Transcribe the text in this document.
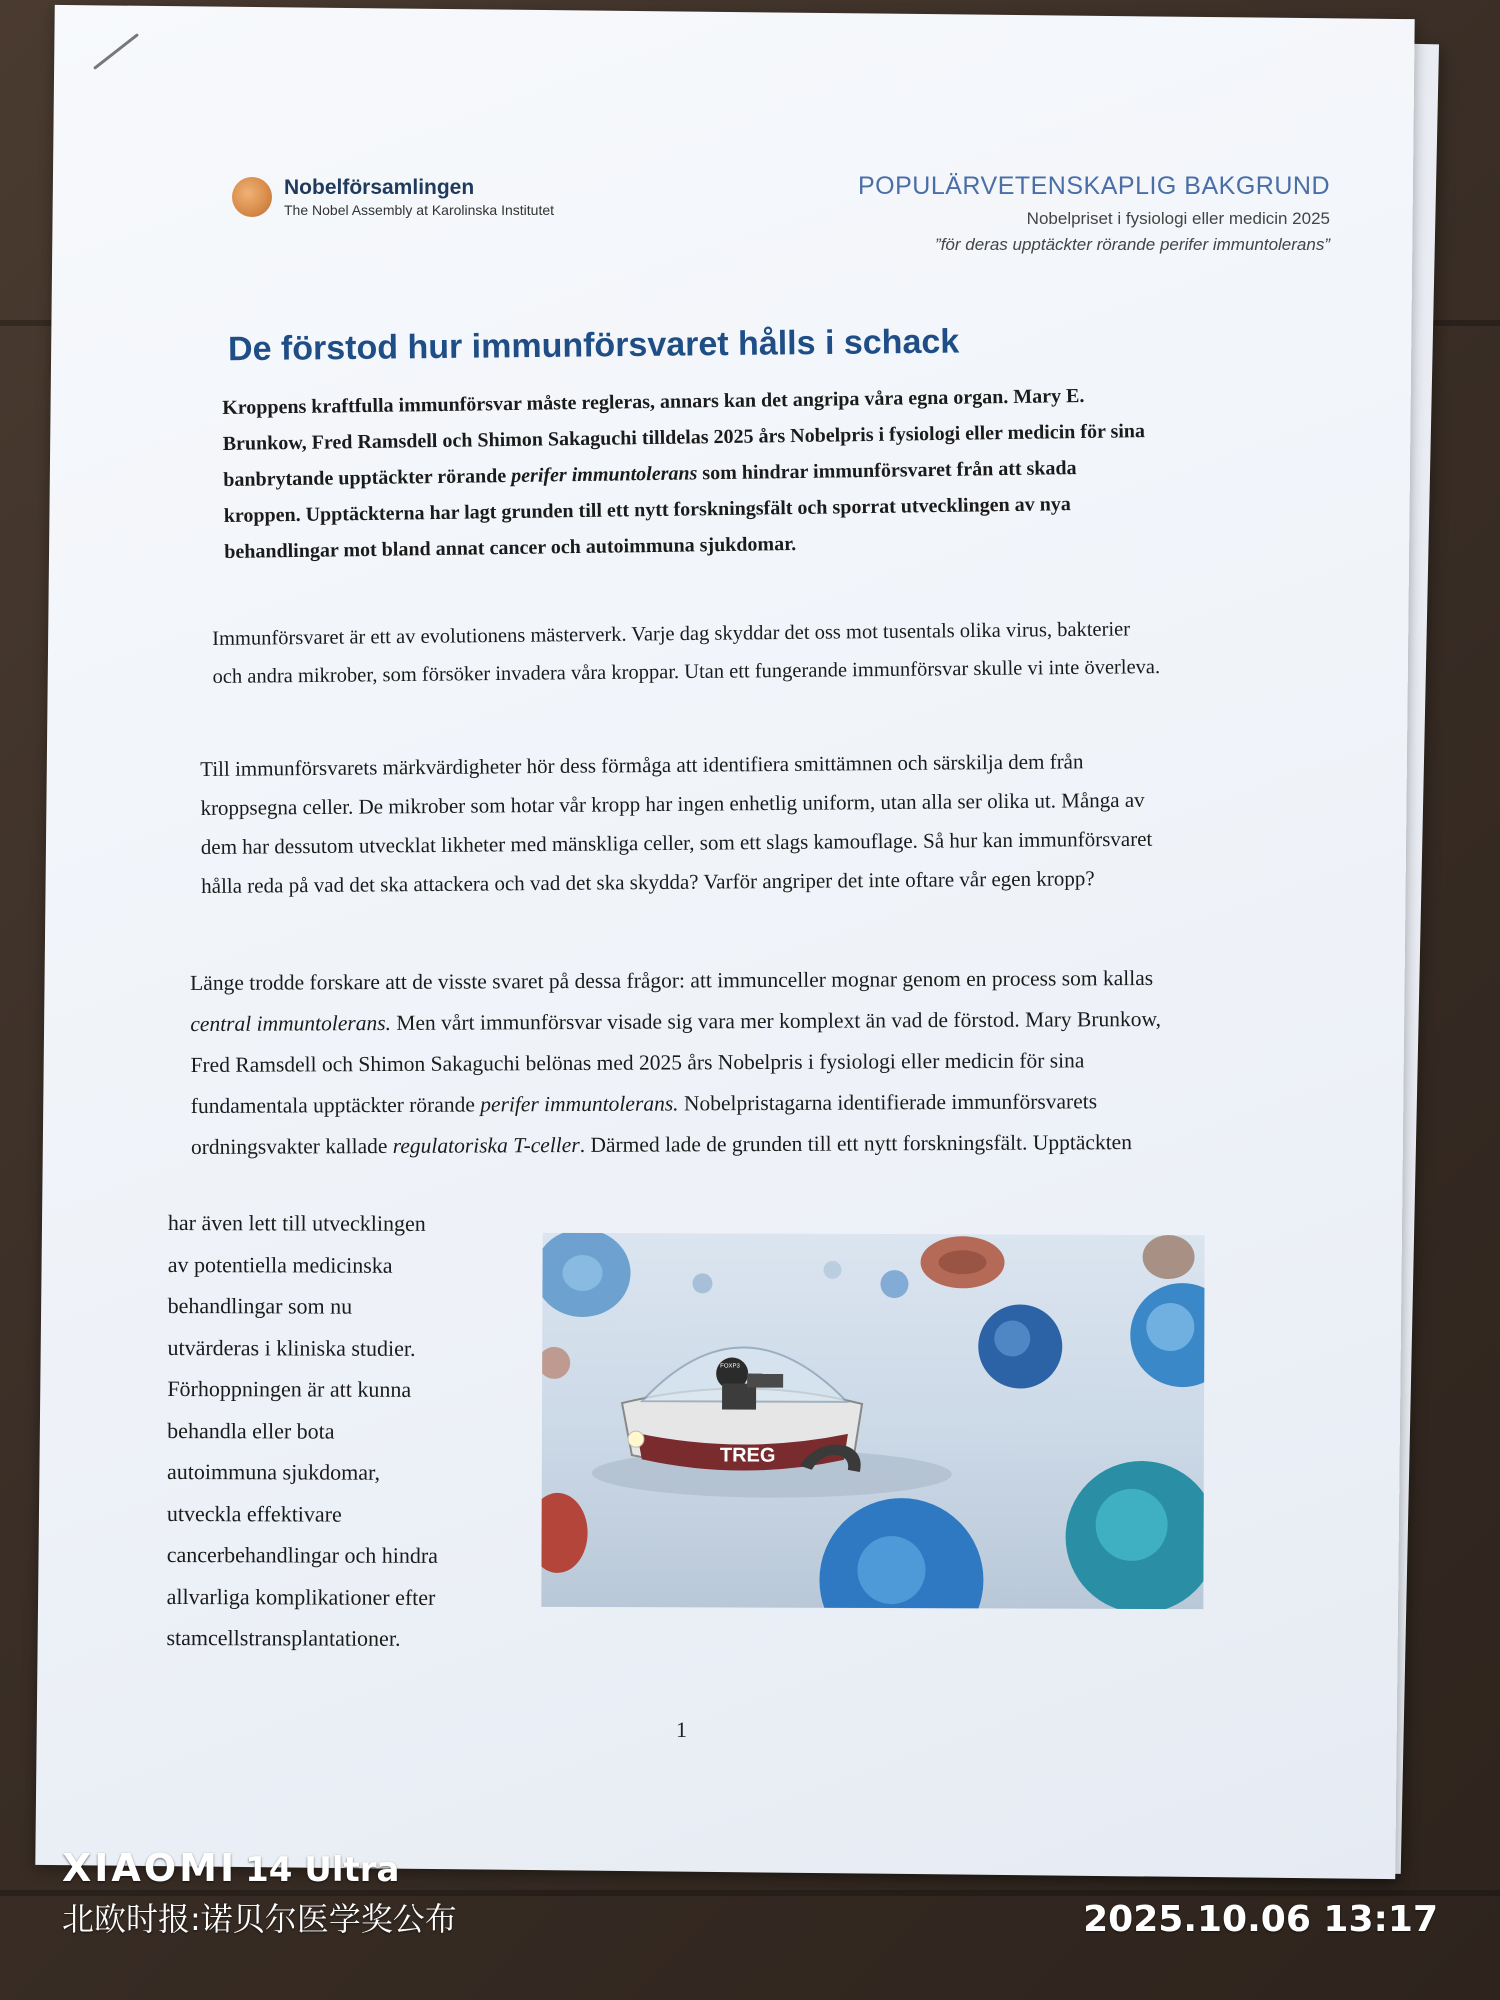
Nobelförsamlingen
The Nobel Assembly at Karolinska Institutet
POPULÄRVETENSKAPLIG BAKGRUND
Nobelpriset i fysiologi eller medicin 2025
”för deras upptäckter rörande perifer immuntolerans”
De förstod hur immunförsvaret hålls i schack
Kroppens kraftfulla immunförsvar måste regleras, annars kan det angripa våra egna organ. Mary E. Brunkow, Fred Ramsdell och Shimon Sakaguchi tilldelas 2025 års Nobelpris i fysiologi eller medicin för sina banbrytande upptäckter rörande perifer immuntolerans som hindrar immunförsvaret från att skada kroppen. Upptäckterna har lagt grunden till ett nytt forskningsfält och sporrat utvecklingen av nya behandlingar mot bland annat cancer och autoimmuna sjukdomar.
Immunförsvaret är ett av evolutionens mästerverk. Varje dag skyddar det oss mot tusentals olika virus, bakterier och andra mikrober, som försöker invadera våra kroppar. Utan ett fungerande immunförsvar skulle vi inte överleva.
Till immunförsvarets märkvärdigheter hör dess förmåga att identifiera smittämnen och särskilja dem från kroppsegna celler. De mikrober som hotar vår kropp har ingen enhetlig uniform, utan alla ser olika ut. Många av dem har dessutom utvecklat likheter med mänskliga celler, som ett slags kamouflage. Så hur kan immunförsvaret hålla reda på vad det ska attackera och vad det ska skydda? Varför angriper det inte oftare vår egen kropp?
Länge trodde forskare att de visste svaret på dessa frågor: att immunceller mognar genom en process som kallas central immuntolerans. Men vårt immunförsvar visade sig vara mer komplext än vad de förstod. Mary Brunkow, Fred Ramsdell och Shimon Sakaguchi belönas med 2025 års Nobelpris i fysiologi eller medicin för sina fundamentala upptäckter rörande perifer immuntolerans. Nobelpristagarna identifierade immunförsvarets ordningsvakter kallade regulatoriska T-celler. Därmed lade de grunden till ett nytt forskningsfält. Upptäckten
har även lett till utvecklingen
av potentiella medicinska
behandlingar som nu
utvärderas i kliniska studier.
Förhoppningen är att kunna
behandla eller bota
autoimmuna sjukdomar,
utveckla effektivare
cancerbehandlingar och hindra
allvarliga komplikationer efter
stamcellstransplantationer.
TREG
FOXP3
1
XIAOMI 14 Ultra
北欧时报:诺贝尔医学奖公布	2025.10.06 13:17
